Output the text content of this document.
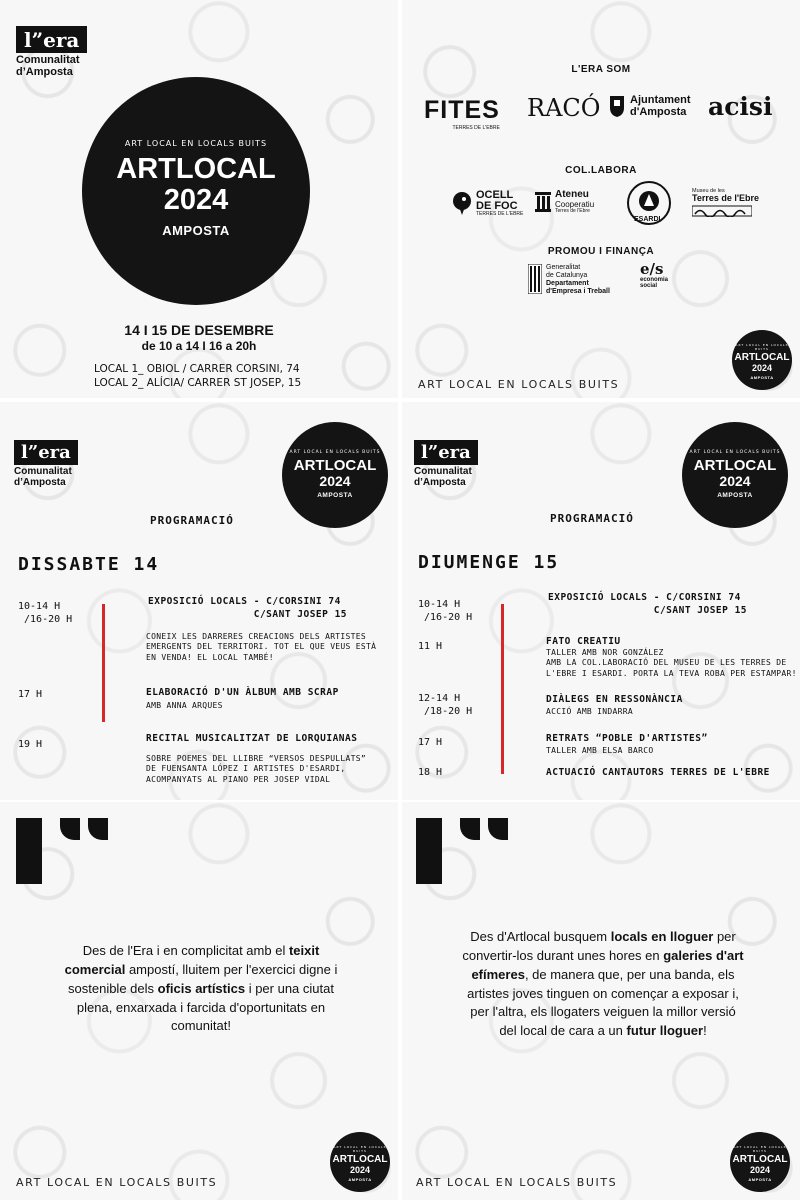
l”era
Comunalitat
d’Amposta
ART LOCAL EN LOCALS BUITS
ARTLOCAL
2024
AMPOSTA
14 I 15 DE DESEMBRE
de 10 a 14 I 16 a 20h
LOCAL 1_ OBIOL / CARRER CORSINI, 74
LOCAL 2_ ALÍCIA/ CARRER ST JOSEP, 15
L'ERA SOM
FITES
TERRES DE L'EBRE
RACÓ	Ajuntament
d'Amposta acisi
COL.LABORA
OCELL
DE FOC
TERRES DE L'EBRE
Ateneu
Cooperatiu
Terres de l'Ebre
ESARDI
Museu de les
Terres de l'Ebre
PROMOU I FINANÇA
Generalitat
de Catalunya
Departament
d'Empresa i Treball
e/s
economia
social
ART LOCAL EN LOCALS BUITS
ART LOCAL EN LOCALS BUITS
ARTLOCAL
2024
AMPOSTA
l”era
Comunalitat
d’Amposta
ART LOCAL EN LOCALS BUITS
ARTLOCAL
2024
AMPOSTA
PROGRAMACIÓ
DISSABTE 14
10-14 H
/16-20 H
EXPOSICIÓ LOCALS - C/CORSINI 74
C/SANT JOSEP 15
CONEIX LES DARRERES CREACIONS DELS ARTISTES
EMERGENTS DEL TERRITORI. TOT EL QUE VEUS ESTÀ
EN VENDA! EL LOCAL TAMBÉ!
17 H	ELABORACIÓ D'UN ÀLBUM AMB SCRAP
AMB ANNA ARQUES
19 H
RECITAL MUSICALITZAT DE LORQUIANAS
SOBRE POEMES DEL LLIBRE “VERSOS DESPULLATS”
DE FUENSANTA LÓPEZ I ARTISTES D'ESARDI,
ACOMPANYATS AL PIANO PER JOSEP VIDAL
l”era
Comunalitat
d’Amposta
ART LOCAL EN LOCALS BUITS
ARTLOCAL
2024
AMPOSTA
PROGRAMACIÓ
DIUMENGE 15
10-14 H
/16-20 H
EXPOSICIÓ LOCALS - C/CORSINI 74
C/SANT JOSEP 15
11 H	FATO CREATIU
TALLER AMB NOR GONZÁLEZ
AMB LA COL.LABORACIÓ DEL MUSEU DE LES TERRES DE
L'EBRE I ESARDI. PORTA LA TEVA ROBA PER ESTAMPAR!
12-14 H
/18-20 H
DIÀLEGS EN RESSONÀNCIA
ACCIÓ AMB INDARRA
17 H	RETRATS “POBLE D'ARTISTES”
TALLER AMB ELSA BARCO
18 H	ACTUACIÓ CANTAUTORS TERRES DE L'EBRE
Des de l'Era i en complicitat amb el teixit comercial ampostí, lluitem per l'exercici digne i sostenible dels oficis artístics i per una ciutat plena, enxarxada i farcida d'oportunitats en comunitat!
ART LOCAL EN LOCALS BUITS
ART LOCAL EN LOCALS BUITS
ARTLOCAL
2024
AMPOSTA
Des d'Artlocal busquem locals en lloguer per convertir-los durant unes hores en galeries d'art efímeres, de manera que, per una banda, els artistes joves tinguen on començar a exposar i, per l'altra, els llogaters veiguen la millor versió del local de cara a un futur lloguer!
ART LOCAL EN LOCALS BUITS
ART LOCAL EN LOCALS BUITS
ARTLOCAL
2024
AMPOSTA
